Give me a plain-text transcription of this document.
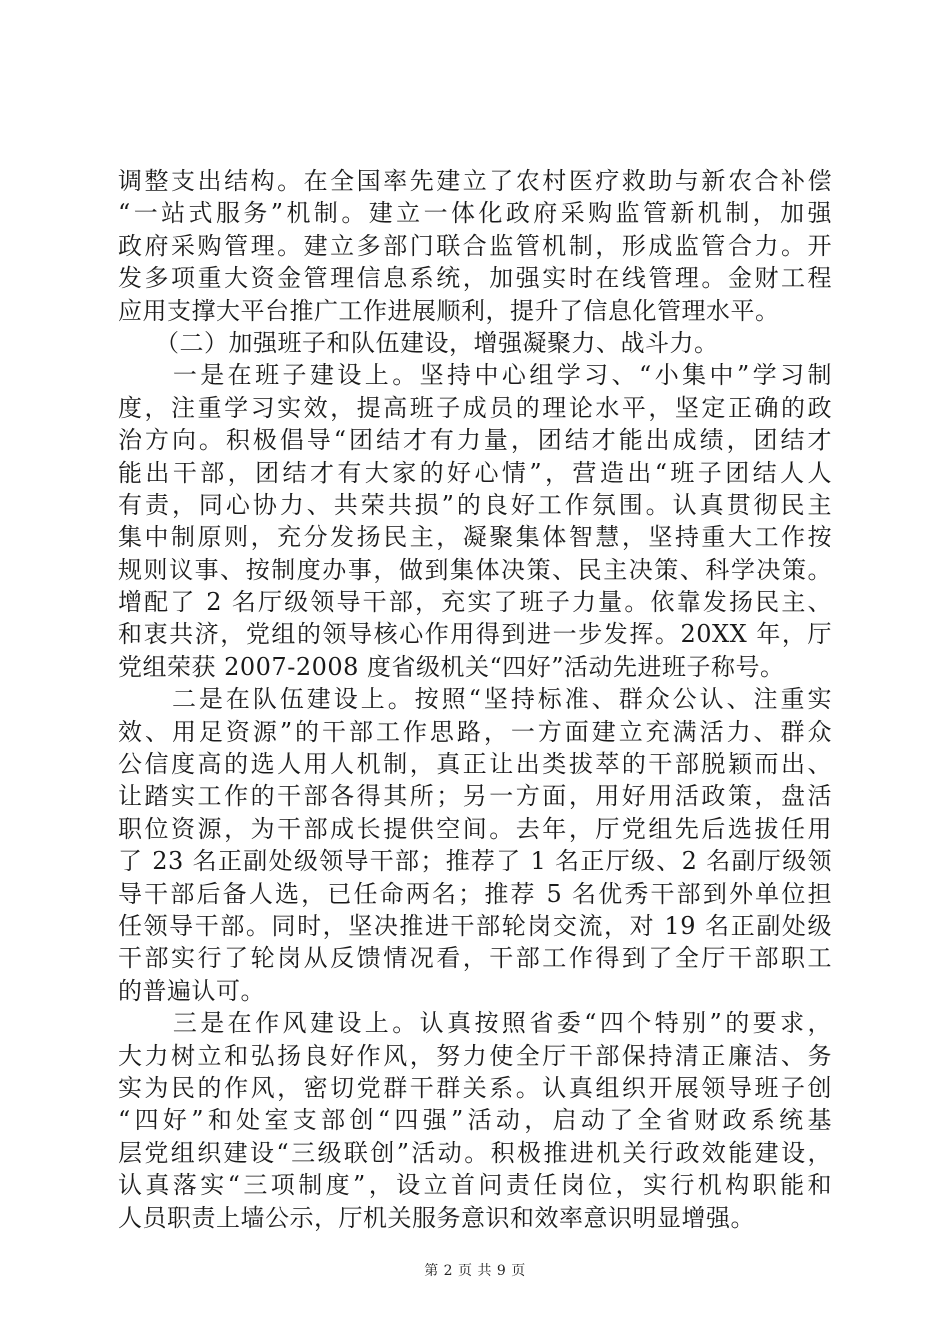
调整支出结构。在全国率先建立了农村医疗救助与新农合补偿
“一站式服务”机制。建立一体化政府采购监管新机制，加强
政府采购管理。建立多部门联合监管机制，形成监管合力。开
发多项重大资金管理信息系统，加强实时在线管理。金财工程
应用支撑大平台推广工作进展顺利，提升了信息化管理水平。
　　（二）加强班子和队伍建设，增强凝聚力、战斗力。
　　一是在班子建设上。坚持中心组学习、“小集中”学习制
度，注重学习实效，提高班子成员的理论水平，坚定正确的政
治方向。积极倡导“团结才有力量，团结才能出成绩，团结才
能出干部，团结才有大家的好心情”，营造出“班子团结人人
有责，同心协力、共荣共损”的良好工作氛围。认真贯彻民主
集中制原则，充分发扬民主，凝聚集体智慧，坚持重大工作按
规则议事、按制度办事，做到集体决策、民主决策、科学决策。
增配了 2 名厅级领导干部，充实了班子力量。依靠发扬民主、
和衷共济，党组的领导核心作用得到进一步发挥。20XX 年，厅
党组荣获 2007-2008 度省级机关“四好”活动先进班子称号。
　　二是在队伍建设上。按照“坚持标准、群众公认、注重实
效、用足资源”的干部工作思路，一方面建立充满活力、群众
公信度高的选人用人机制，真正让出类拔萃的干部脱颖而出、
让踏实工作的干部各得其所；另一方面，用好用活政策，盘活
职位资源，为干部成长提供空间。去年，厅党组先后选拔任用
了 23 名正副处级领导干部；推荐了 1 名正厅级、2 名副厅级领
导干部后备人选，已任命两名；推荐 5 名优秀干部到外单位担
任领导干部。同时，坚决推进干部轮岗交流，对 19 名正副处级
干部实行了轮岗从反馈情况看，干部工作得到了全厅干部职工
的普遍认可。
　　三是在作风建设上。认真按照省委“四个特别”的要求，
大力树立和弘扬良好作风，努力使全厅干部保持清正廉洁、务
实为民的作风，密切党群干群关系。认真组织开展领导班子创
“四好”和处室支部创“四强”活动，启动了全省财政系统基
层党组织建设“三级联创”活动。积极推进机关行政效能建设，
认真落实“三项制度”，设立首问责任岗位，实行机构职能和
人员职责上墙公示，厅机关服务意识和效率意识明显增强。
第 2 页 共 9 页
